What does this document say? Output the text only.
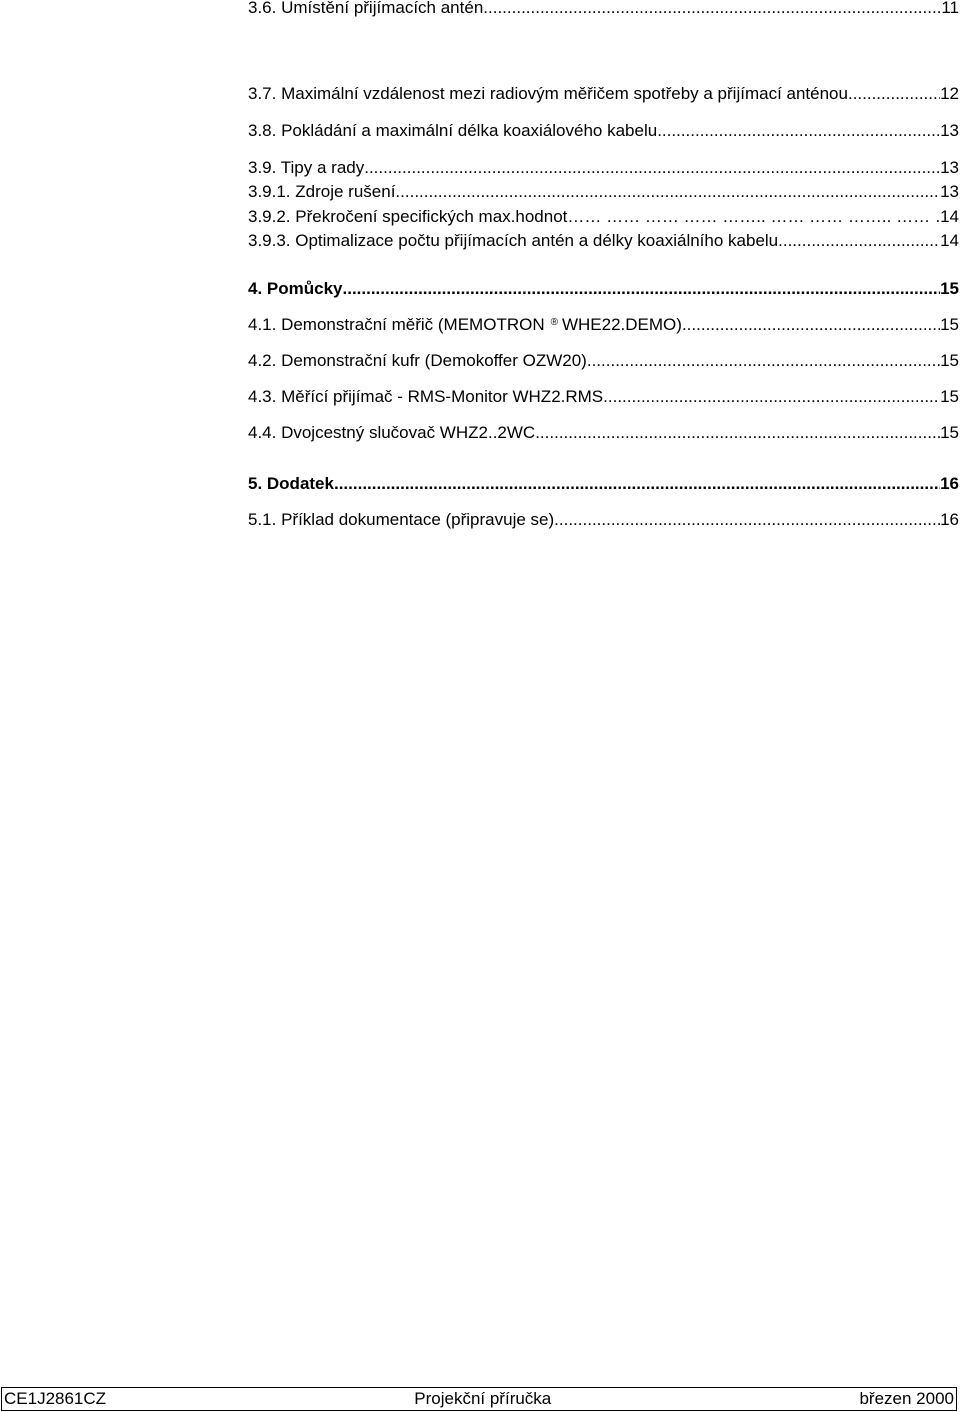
3.6. Umístění přijímacích antén .....	11
3.7. Maximální vzdálenost mezi radiovým měřičem spotřeby a přijímací anténou .....	12
3.8. Pokládání a maximální délka koaxiálového kabelu .....	13
3.9. Tipy a rady .....	13
3.9.1. Zdroje rušení .....	13
3.9.2. Překročení specifických max.hodnot …… …… …… …… …….. …… …… …….. …… …… …… …… …… …… …… ……	14
3.9.3. Optimalizace počtu přijímacích antén a délky koaxiálního kabelu .....	14
4. Pomůcky .....	15
4.1. Demonstrační měřič (MEMOTRON ® WHE22.DEMO) .....	15
4.2. Demonstrační kufr (Demokoffer OZW20) .....	15
4.3. Měřící přijímač - RMS-Monitor WHZ2.RMS .....	15
4.4. Dvojcestný slučovač WHZ2..2WC .....	15
5. Dodatek .....	16
5.1. Příklad dokumentace (připravuje se) .....	16
CE1J2861CZ	Projekční příručka	březen 2000
